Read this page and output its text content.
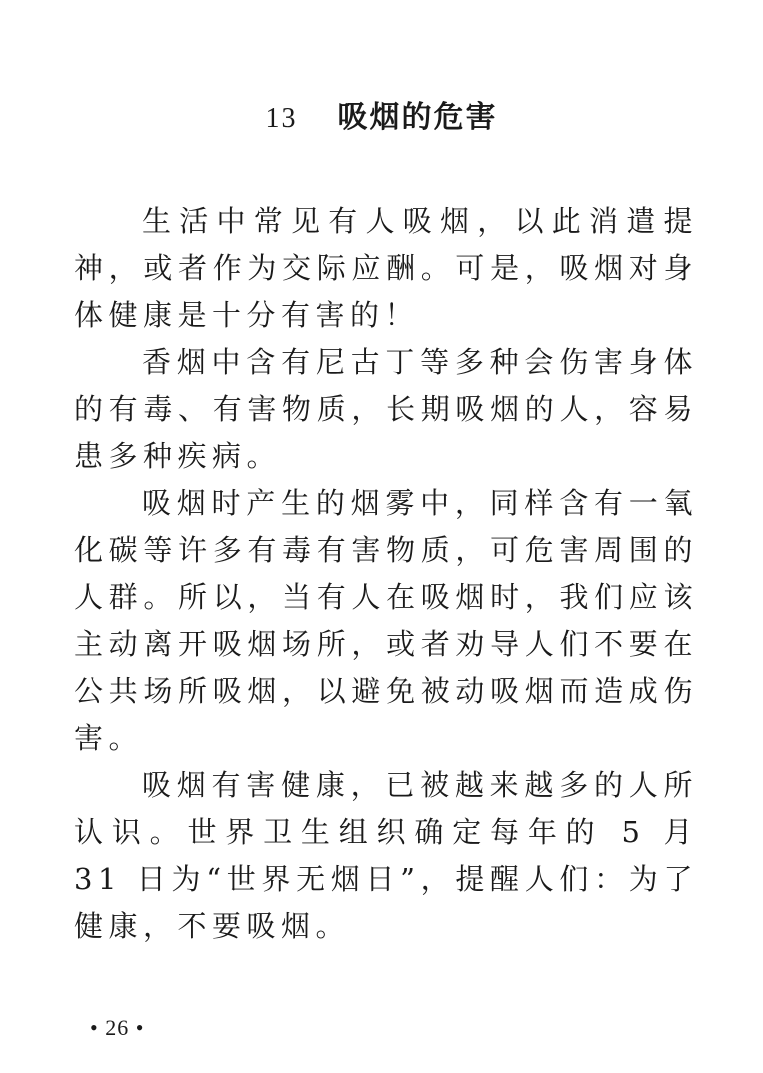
13 吸烟的危害

生活中常见有人吸烟，以此消遣提神，或者作为交际应酬。可是，吸烟对身体健康是十分有害的！

香烟中含有尼古丁等多种会伤害身体的有毒、有害物质，长期吸烟的人，容易患多种疾病。

吸烟时产生的烟雾中，同样含有一氧化碳等许多有毒有害物质，可危害周围的人群。所以，当有人在吸烟时，我们应该主动离开吸烟场所，或者劝导人们不要在公共场所吸烟，以避免被动吸烟而造成伤害。

吸烟有害健康，已被越来越多的人所认识。世界卫生组织确定每年的 5 月 31 日为“世界无烟日”，提醒人们：为了健康，不要吸烟。

• 26 •
